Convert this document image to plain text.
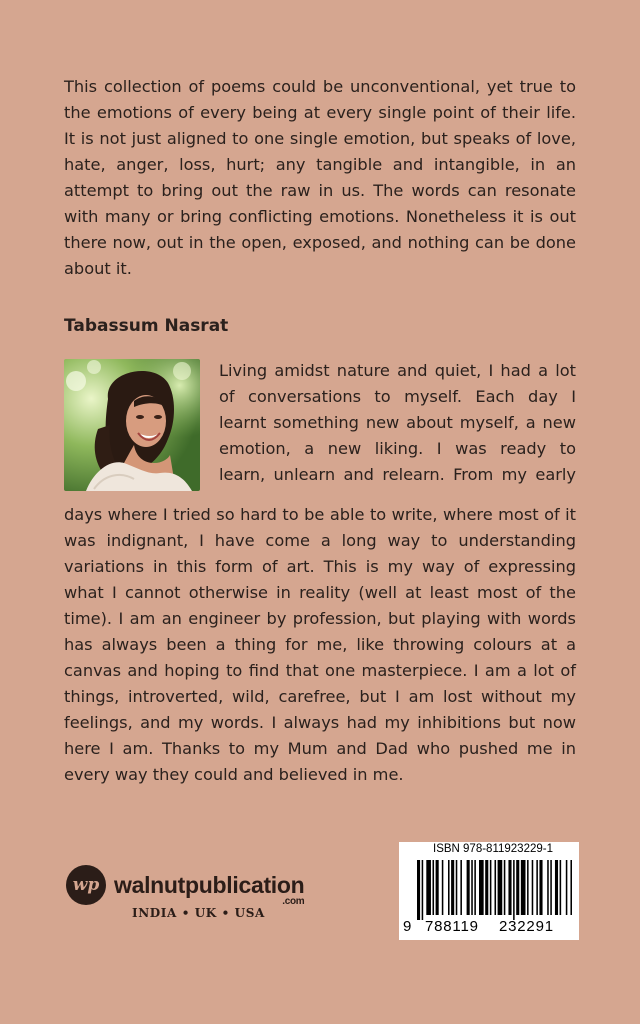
This collection of poems could be unconventional, yet true to the emotions of every being at every single point of their life. It is not just aligned to one single emotion, but speaks of love, hate, anger, loss, hurt; any tangible and intangible, in an attempt to bring out the raw in us. The words can resonate with many or bring conflicting emotions. Nonetheless it is out there now, out in the open, exposed, and nothing can be done about it.

Tabassum Nasrat
Living amidst nature and quiet, I had a lot
of conversations to myself. Each day I
learnt something new about myself, a new
emotion, a new liking. I was ready to
learn, unlearn and relearn. From my early

days where I tried so hard to be able to write, where most of it was indignant, I have come a long way to understanding variations in this form of art. This is my way of expressing what I cannot otherwise in reality (well at least most of the time). I am an engineer by profession, but playing with words has always been a thing for me, like throwing colours at a canvas and hoping to find that one masterpiece. I am a lot of things, introverted, wild, carefree, but I am lost without my feelings, and my words. I always had my inhibitions but now here I am. Thanks to my Mum and Dad who pushed me in every way they could and believed in me.

wp walnutpublication
.com
INDIA • UK • USA
ISBN 978-811923229-1
9 788119 232291
